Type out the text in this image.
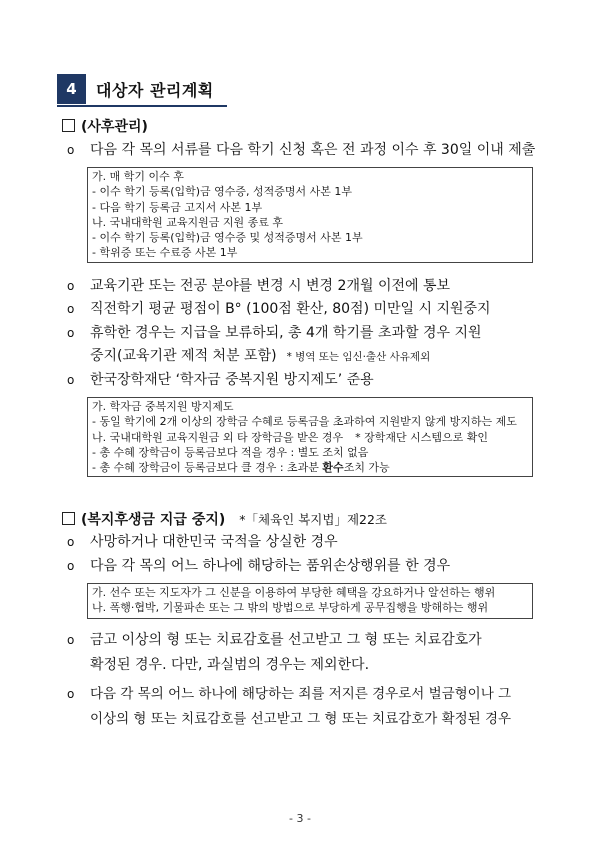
4	대상자 관리계획
(사후관리)
o 다음 각 목의 서류를 다음 학기 신청 혹은 전 과정 이수 후 30일 이내 제출
가. 매 학기 이수 후
- 이수 학기 등록(입학)금 영수증, 성적증명서 사본 1부
- 다음 학기 등록금 고지서 사본 1부
나. 국내대학원 교육지원금 지원 종료 후
- 이수 학기 등록(입학)금 영수증 및 성적증명서 사본 1부
- 학위증 또는 수료증 사본 1부
o 교육기관 또는 전공 분야를 변경 시 변경 2개월 이전에 통보
o 직전학기 평균 평점이 B° (100점 환산, 80점) 미만일 시 지원중지
o 휴학한 경우는 지급을 보류하되, 총 4개 학기를 초과할 경우 지원
중지(교육기관 제적 처분 포함) * 병역 또는 임신·출산 사유제외
o 한국장학재단 ‘학자금 중복지원 방지제도’ 준용
가. 학자금 중복지원 방지제도
- 동일 학기에 2개 이상의 장학금 수혜로 등록금을 초과하여 지원받지 않게 방지하는 제도
나. 국내대학원 교육지원금 외 타 장학금을 받은 경우 * 장학재단 시스템으로 확인
- 총 수혜 장학금이 등록금보다 적을 경우 : 별도 조치 없음
- 총 수혜 장학금이 등록금보다 클 경우 : 초과분 환수조치 가능
(복지후생금 지급 중지) *「체육인 복지법」제22조
o 사망하거나 대한민국 국적을 상실한 경우
o 다음 각 목의 어느 하나에 해당하는 품위손상행위를 한 경우
가. 선수 또는 지도자가 그 신분을 이용하여 부당한 혜택을 강요하거나 알선하는 행위
나. 폭행·협박, 기물파손 또는 그 밖의 방법으로 부당하게 공무집행을 방해하는 행위
o 금고 이상의 형 또는 치료감호를 선고받고 그 형 또는 치료감호가
확정된 경우. 다만, 과실범의 경우는 제외한다.
o 다음 각 목의 어느 하나에 해당하는 죄를 저지른 경우로서 벌금형이나 그
이상의 형 또는 치료감호를 선고받고 그 형 또는 치료감호가 확정된 경우
- 3 -
